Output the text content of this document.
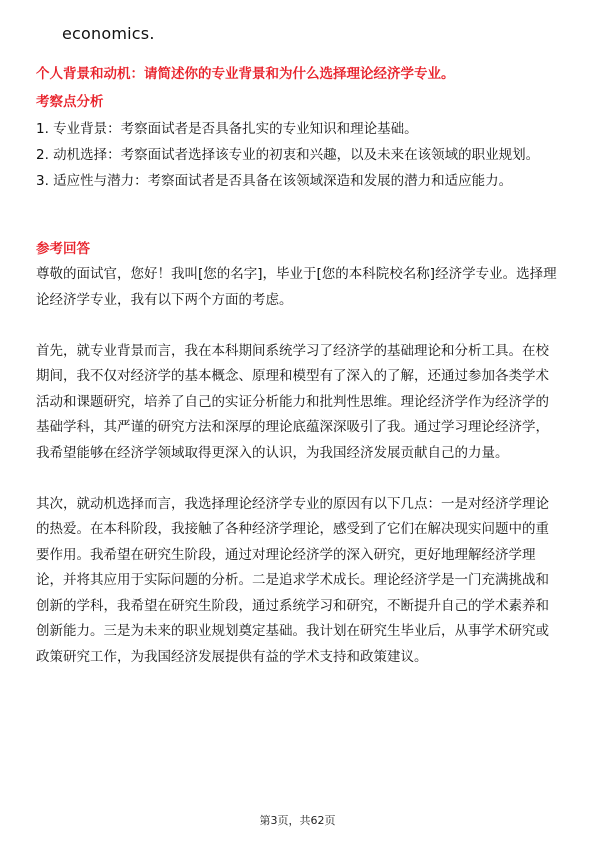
economics.
个人背景和动机：请简述你的专业背景和为什么选择理论经济学专业。
考察点分析
1. 专业背景：考察面试者是否具备扎实的专业知识和理论基础。
2. 动机选择：考察面试者选择该专业的初衷和兴趣，以及未来在该领域的职业规划。
3. 适应性与潜力：考察面试者是否具备在该领域深造和发展的潜力和适应能力。
参考回答

尊敬的面试官，您好！我叫[您的名字]，毕业于[您的本科院校名称]经济学专业。选择理论经济学专业，我有以下两个方面的考虑。

首先，就专业背景而言，我在本科期间系统学习了经济学的基础理论和分析工具。在校期间，我不仅对经济学的基本概念、原理和模型有了深入的了解，还通过参加各类学术活动和课题研究，培养了自己的实证分析能力和批判性思维。理论经济学作为经济学的基础学科，其严谨的研究方法和深厚的理论底蕴深深吸引了我。通过学习理论经济学，我希望能够在经济学领域取得更深入的认识，为我国经济发展贡献自己的力量。

其次，就动机选择而言，我选择理论经济学专业的原因有以下几点：一是对经济学理论的热爱。在本科阶段，我接触了各种经济学理论，感受到了它们在解决现实问题中的重要作用。我希望在研究生阶段，通过对理论经济学的深入研究，更好地理解经济学理论，并将其应用于实际问题的分析。二是追求学术成长。理论经济学是一门充满挑战和创新的学科，我希望在研究生阶段，通过系统学习和研究，不断提升自己的学术素养和创新能力。三是为未来的职业规划奠定基础。我计划在研究生毕业后，从事学术研究或政策研究工作，为我国经济发展提供有益的学术支持和政策建议。

第3页，共62页
